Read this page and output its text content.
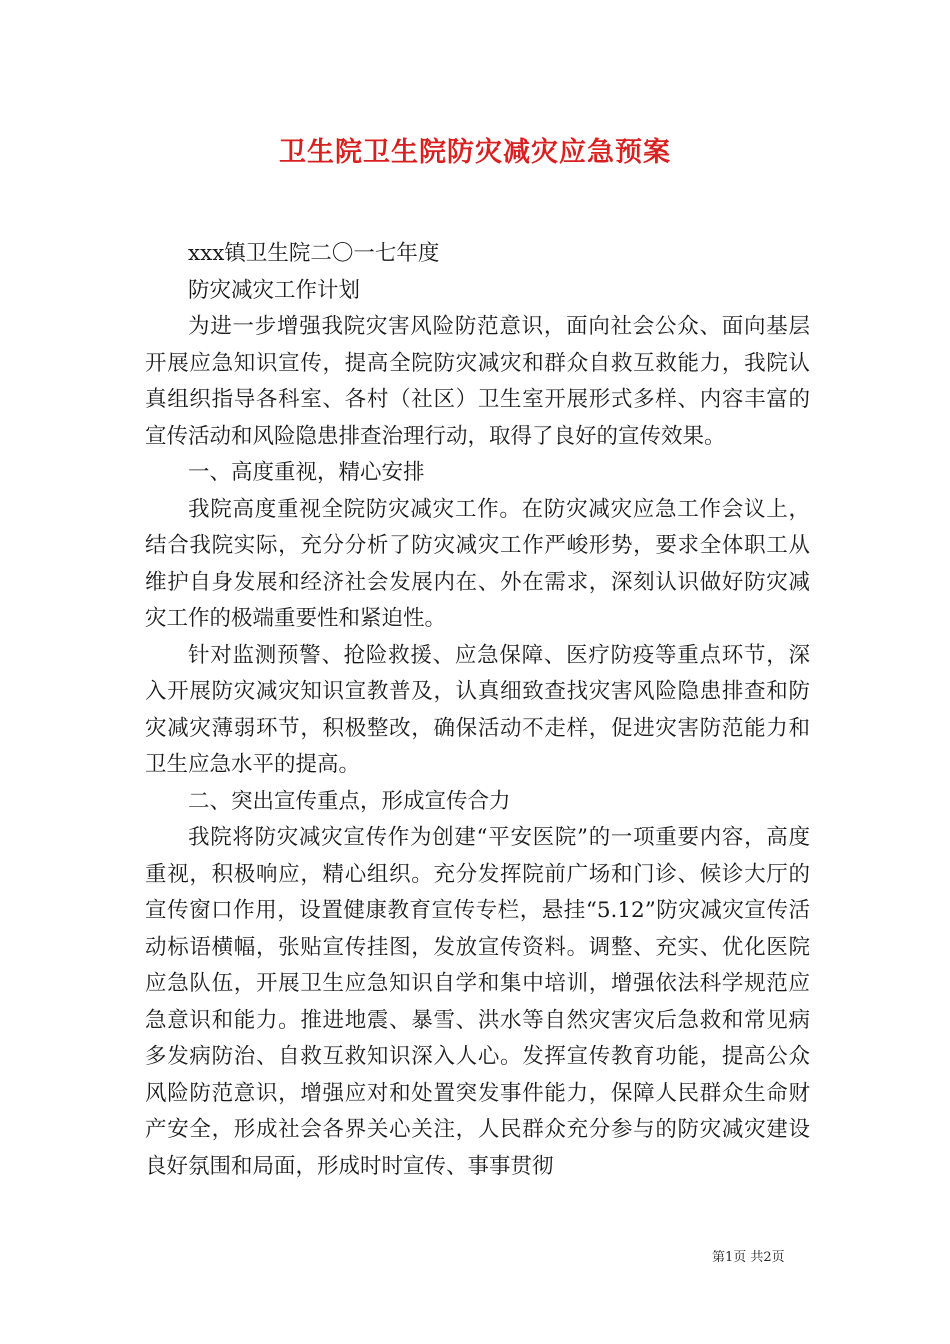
卫生院卫生院防灾减灾应急预案

xxx镇卫生院二〇一七年度

防灾减灾工作计划

为进一步增强我院灾害风险防范意识，面向社会公众、面向基层开展应急知识宣传，提高全院防灾减灾和群众自救互救能力，我院认真组织指导各科室、各村（社区）卫生室开展形式多样、内容丰富的宣传活动和风险隐患排查治理行动，取得了良好的宣传效果。

一、高度重视，精心安排

我院高度重视全院防灾减灾工作。在防灾减灾应急工作会议上，结合我院实际，充分分析了防灾减灾工作严峻形势，要求全体职工从维护自身发展和经济社会发展内在、外在需求，深刻认识做好防灾减灾工作的极端重要性和紧迫性。

针对监测预警、抢险救援、应急保障、医疗防疫等重点环节，深入开展防灾减灾知识宣教普及，认真细致查找灾害风险隐患排查和防灾减灾薄弱环节，积极整改，确保活动不走样，促进灾害防范能力和卫生应急水平的提高。

二、突出宣传重点，形成宣传合力

我院将防灾减灾宣传作为创建“平安医院”的一项重要内容，高度重视，积极响应，精心组织。充分发挥院前广场和门诊、候诊大厅的宣传窗口作用，设置健康教育宣传专栏，悬挂“5.12”防灾减灾宣传活动标语横幅，张贴宣传挂图，发放宣传资料。调整、充实、优化医院应急队伍，开展卫生应急知识自学和集中培训，增强依法科学规范应急意识和能力。推进地震、暴雪、洪水等自然灾害灾后急救和常见病多发病防治、自救互救知识深入人心。发挥宣传教育功能，提高公众风险防范意识，增强应对和处置突发事件能力，保障人民群众生命财产安全，形成社会各界关心关注，人民群众充分参与的防灾减灾建设良好氛围和局面，形成时时宣传、事事贯彻

第1页 共2页
